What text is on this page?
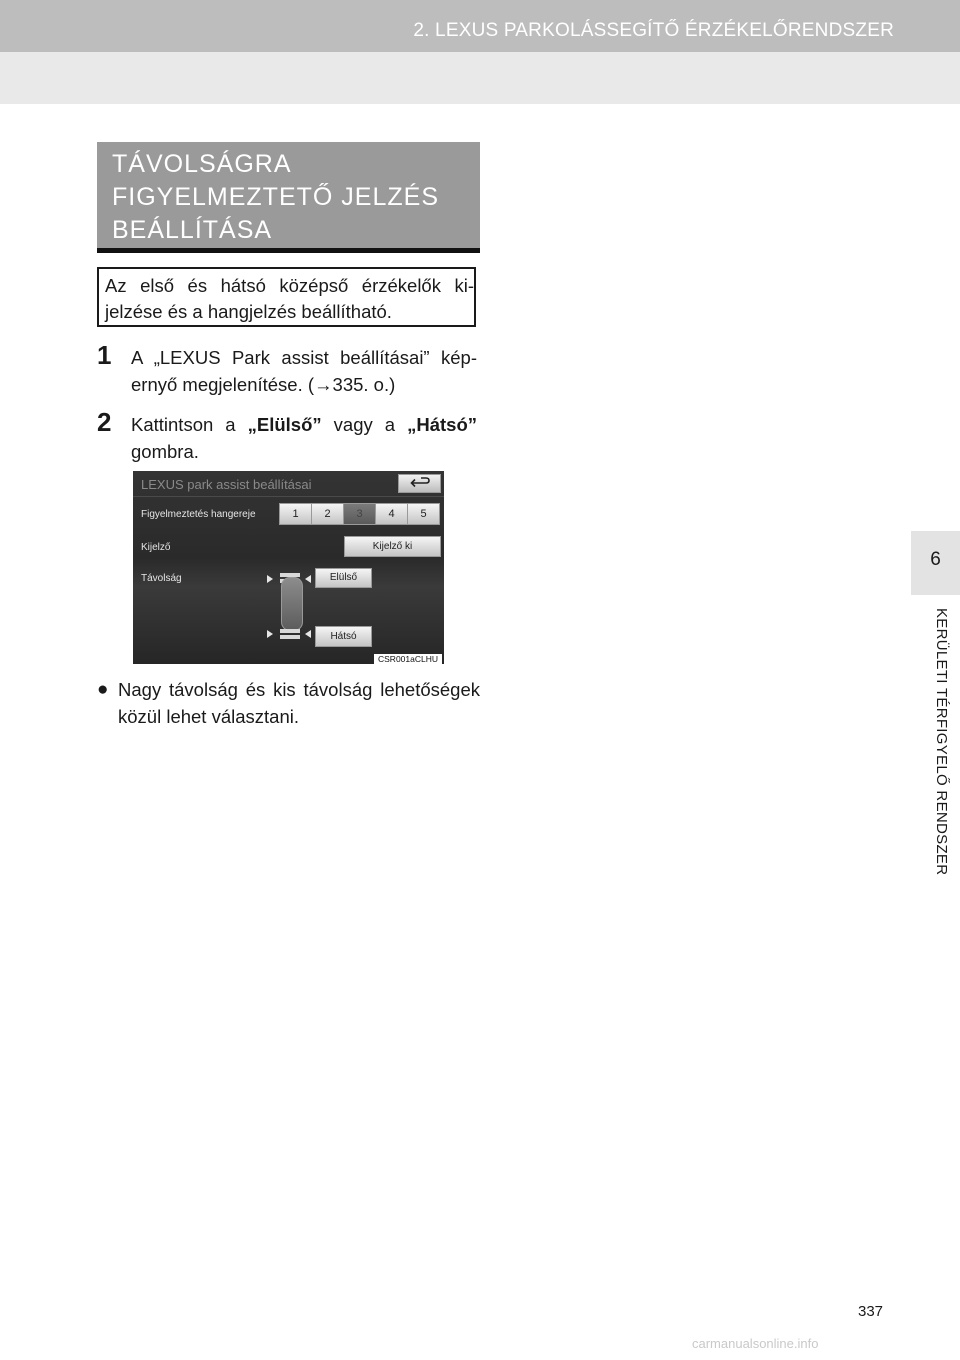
2. LEXUS PARKOLÁSSEGÍTŐ ÉRZÉKELŐRENDSZER
TÁVOLSÁGRA FIGYELMEZTETŐ JELZÉS BEÁLLÍTÁSA
Az első és hátsó középső érzékelők ki-jelzése és a hangjelzés beállítható.
1 A „LEXUS Park assist beállításai” kép-ernyő megjelenítése. (→335. o.)
2 Kattintson a „Elülső” vagy a „Hátsó” gombra.
LEXUS park assist beállításai
Figyelmeztetés hangereje	1	2	3	4	5
Kijelző	Kijelző ki
Távolság	Elülső
Hátsó
CSR001aCLHU
● Nagy távolság és kis távolság lehetőségek közül lehet választani.
6
KERÜLETI TÉRFIGYELŐ RENDSZER
337
carmanualsonline.info
